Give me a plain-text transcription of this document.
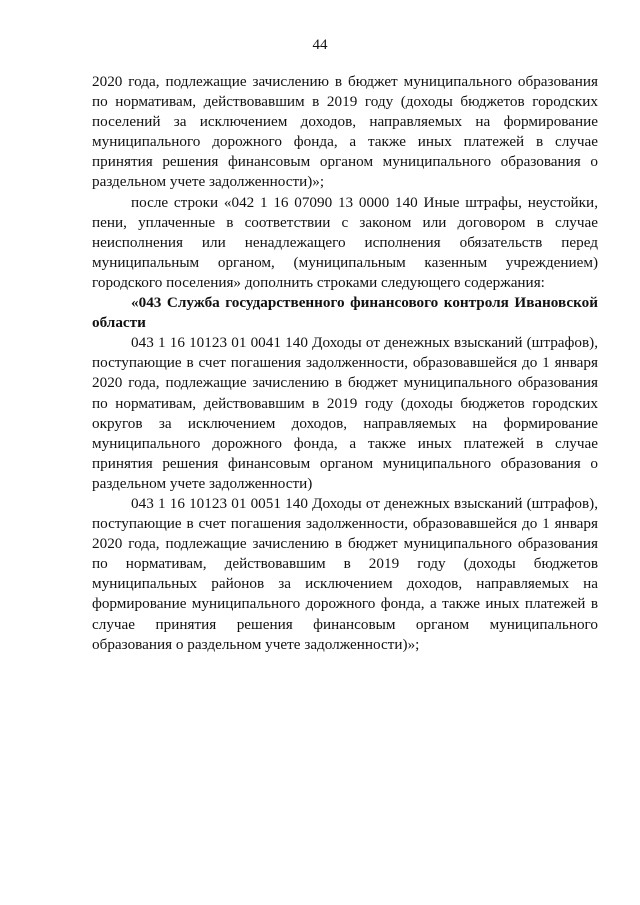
44

2020 года, подлежащие зачислению в бюджет муниципального образования по нормативам, действовавшим в 2019 году (доходы бюджетов городских поселений за исключением доходов, направляемых на формирование муниципального дорожного фонда, а также иных платежей в случае принятия решения финансовым органом муниципального образования о раздельном учете задолженности)»;

после строки «042 1 16 07090 13 0000 140 Иные штрафы, неустойки, пени, уплаченные в соответствии с законом или договором в случае неисполнения или ненадлежащего исполнения обязательств перед муниципальным органом, (муниципальным казенным учреждением) городского поселения» дополнить строками следующего содержания:

«043 Служба государственного финансового контроля Ивановской области

043 1 16 10123 01 0041 140 Доходы от денежных взысканий (штрафов), поступающие в счет погашения задолженности, образовавшейся до 1 января 2020 года, подлежащие зачислению в бюджет муниципального образования по нормативам, действовавшим в 2019 году (доходы бюджетов городских округов за исключением доходов, направляемых на формирование муниципального дорожного фонда, а также иных платежей в случае принятия решения финансовым органом муниципального образования о раздельном учете задолженности)

043 1 16 10123 01 0051 140 Доходы от денежных взысканий (штрафов), поступающие в счет погашения задолженности, образовавшейся до 1 января 2020 года, подлежащие зачислению в бюджет муниципального образования по нормативам, действовавшим в 2019 году (доходы бюджетов муниципальных районов за исключением доходов, направляемых на формирование муниципального дорожного фонда, а также иных платежей в случае принятия решения финансовым органом муниципального образования о раздельном учете задолженности)»;
